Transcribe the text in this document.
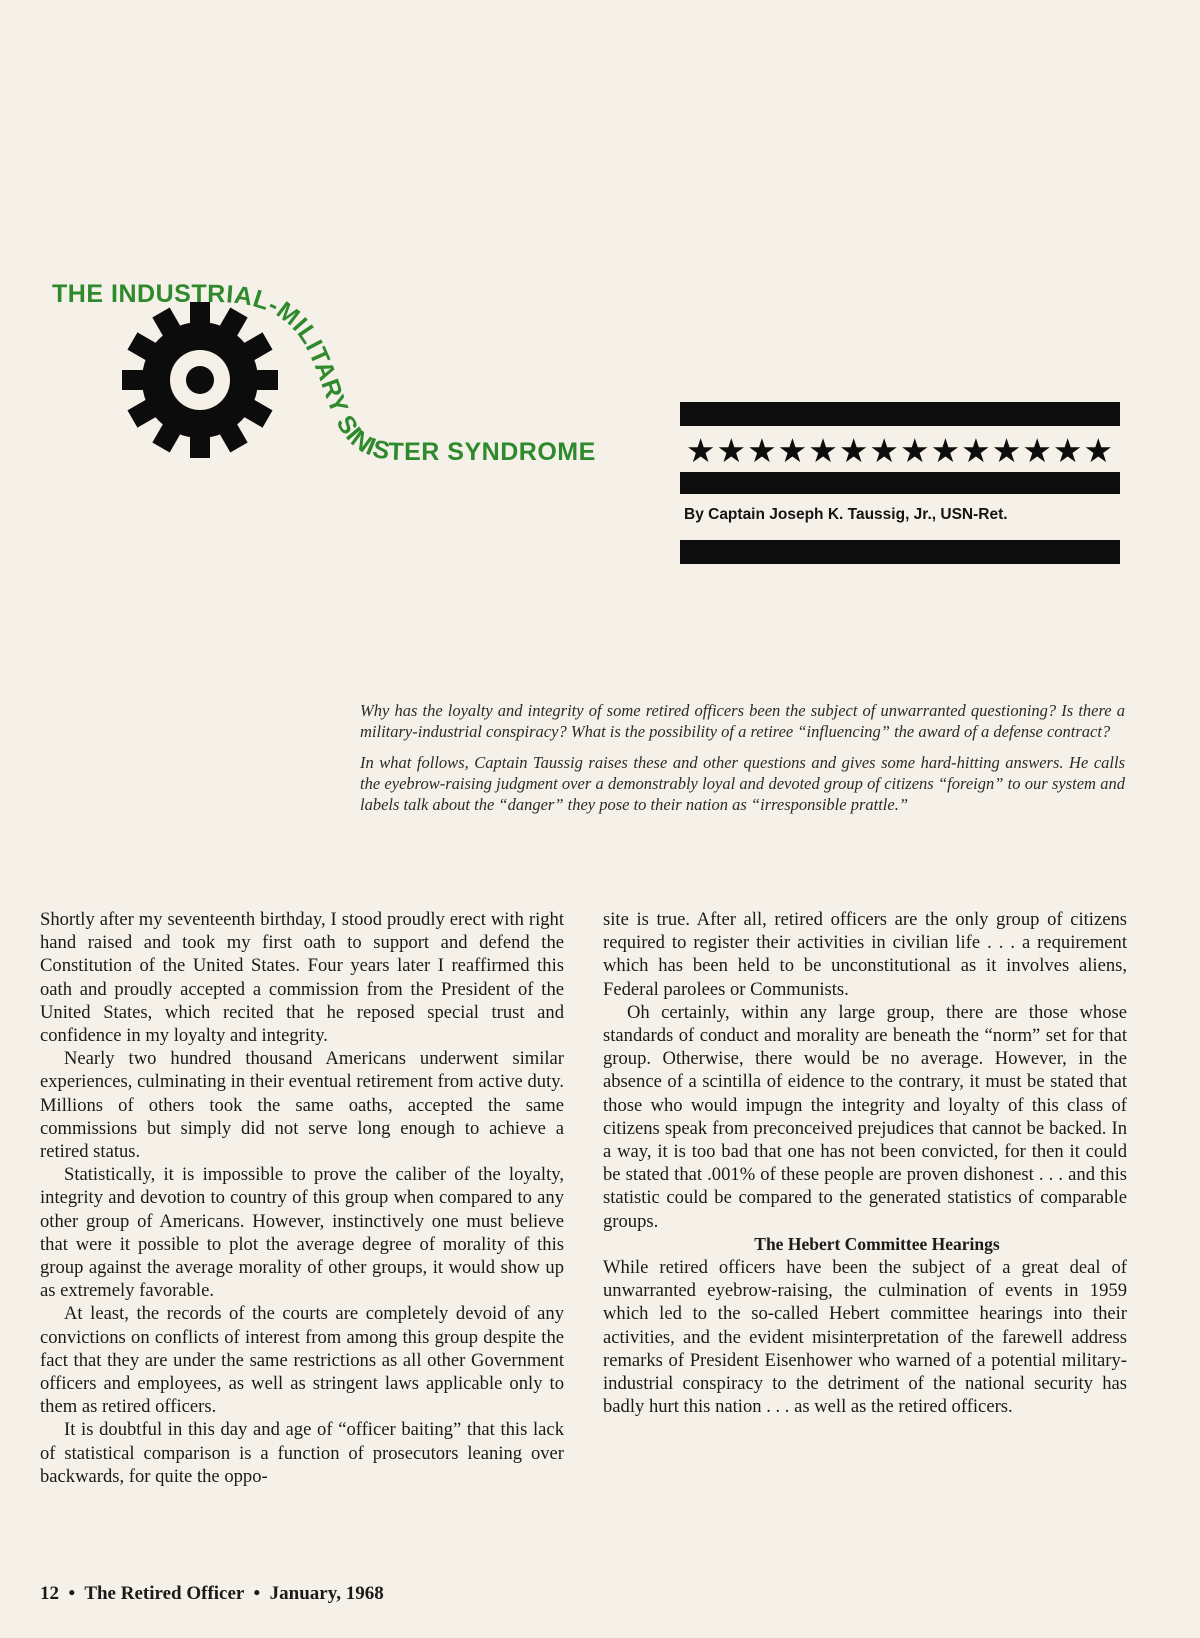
THE INDUSTRIAL-MILITARY SINISTER SYNDROME	★★★★★★★★★★★★★★
By Captain Joseph K. Taussig, Jr., USN-Ret.

Why has the loyalty and integrity of some retired officers been the subject of unwarranted questioning? Is there a military-industrial conspiracy? What is the possibility of a retiree “influencing” the award of a defense contract?

In what follows, Captain Taussig raises these and other questions and gives some hard-hitting answers. He calls the eyebrow-raising judgment over a demonstrably loyal and devoted group of citizens “foreign” to our system and labels talk about the “danger” they pose to their nation as “irresponsible prattle.”

Shortly after my seventeenth birthday, I stood proudly erect with right hand raised and took my first oath to support and defend the Constitution of the United States. Four years later I reaffirmed this oath and proudly accepted a commission from the President of the United States, which recited that he reposed special trust and confidence in my loyalty and integrity.

Nearly two hundred thousand Americans underwent similar experiences, culminating in their eventual retirement from active duty. Millions of others took the same oaths, accepted the same commissions but simply did not serve long enough to achieve a retired status.

Statistically, it is impossible to prove the caliber of the loyalty, integrity and devotion to country of this group when compared to any other group of Americans. However, instinctively one must believe that were it possible to plot the average degree of morality of this group against the average morality of other groups, it would show up as extremely favorable.

At least, the records of the courts are completely devoid of any convictions on conflicts of interest from among this group despite the fact that they are under the same restrictions as all other Government officers and employees, as well as stringent laws applicable only to them as retired officers.

It is doubtful in this day and age of “officer baiting” that this lack of statistical comparison is a function of prosecutors leaning over backwards, for quite the oppo-

site is true. After all, retired officers are the only group of citizens required to register their activities in civilian life . . . a requirement which has been held to be unconstitutional as it involves aliens, Federal parolees or Communists.

Oh certainly, within any large group, there are those whose standards of conduct and morality are beneath the “norm” set for that group. Otherwise, there would be no average. However, in the absence of a scintilla of eidence to the contrary, it must be stated that those who would impugn the integrity and loyalty of this class of citizens speak from preconceived prejudices that cannot be backed. In a way, it is too bad that one has not been convicted, for then it could be stated that .001% of these people are proven dishonest . . . and this statistic could be compared to the generated statistics of comparable groups.

The Hebert Committee Hearings

While retired officers have been the subject of a great deal of unwarranted eyebrow-raising, the culmination of events in 1959 which led to the so-called Hebert committee hearings into their activities, and the evident misinterpretation of the farewell address remarks of President Eisenhower who warned of a potential military-industrial conspiracy to the detriment of the national security has badly hurt this nation . . . as well as the retired officers.

12  •  The Retired Officer  •  January, 1968
